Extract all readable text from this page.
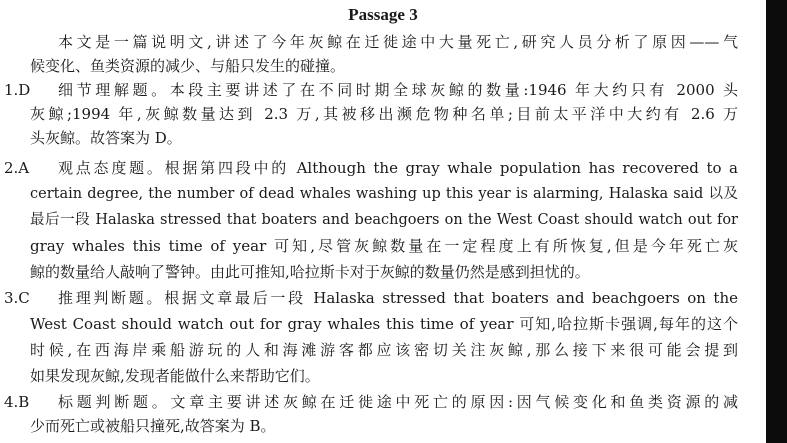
Passage 3
本文是一篇说明文,讲述了今年灰鲸在迁徙途中大量死亡,研究人员分析了原因——气
候变化、鱼类资源的减少、与船只发生的碰撞。
1.D 细节理解题。本段主要讲述了在不同时期全球灰鲸的数量:1946 年大约只有 2000 头
灰鲸;1994 年,灰鲸数量达到 2.3 万,其被移出濒危物种名单;目前太平洋中大约有 2.6 万
头灰鲸。故答案为 D。
2.A 观点态度题。根据第四段中的 Although the gray whale population has recovered to a
certain degree, the number of dead whales washing up this year is alarming, Halaska said 以及
最后一段 Halaska stressed that boaters and beachgoers on the West Coast should watch out for
gray whales this time of year 可知,尽管灰鲸数量在一定程度上有所恢复,但是今年死亡灰
鲸的数量给人敲响了警钟。由此可推知,哈拉斯卡对于灰鲸的数量仍然是感到担忧的。
3.C 推理判断题。根据文章最后一段 Halaska stressed that boaters and beachgoers on the
West Coast should watch out for gray whales this time of year 可知,哈拉斯卡强调,每年的这个
时候,在西海岸乘船游玩的人和海滩游客都应该密切关注灰鲸,那么接下来很可能会提到
如果发现灰鲸,发现者能做什么来帮助它们。
4.B 标题判断题。文章主要讲述灰鲸在迁徙途中死亡的原因:因气候变化和鱼类资源的减
少而死亡或被船只撞死,故答案为 B。
